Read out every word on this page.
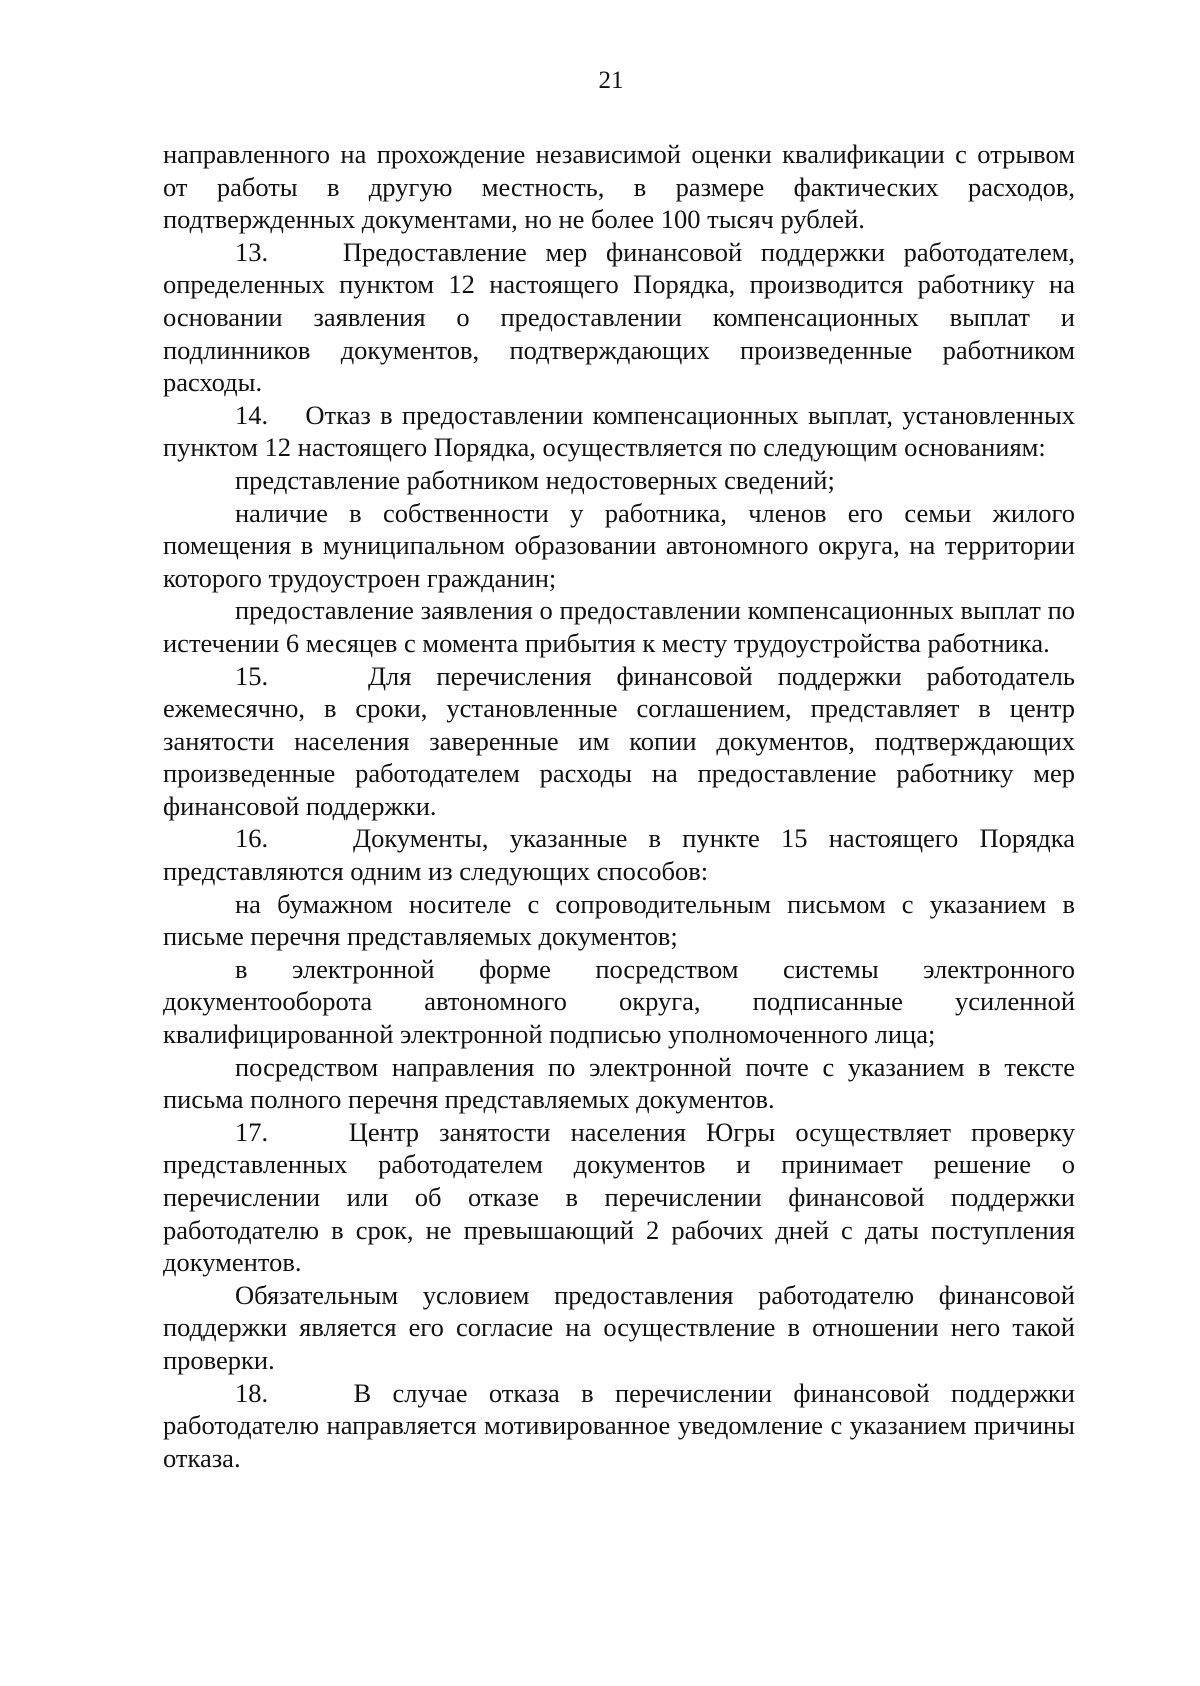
21

направленного на прохождение независимой оценки квалификации с отрывом от работы в другую местность, в размере фактических расходов, подтвержденных документами, но не более 100 тысяч рублей.

13.    Предоставление мер финансовой поддержки работодателем, определенных пунктом 12 настоящего Порядка, производится работнику на основании заявления о предоставлении компенсационных выплат и подлинников документов, подтверждающих произведенные работником расходы.

14.    Отказ в предоставлении компенсационных выплат, установленных пунктом 12 настоящего Порядка, осуществляется по следующим основаниям:

представление работником недостоверных сведений;

наличие в собственности у работника, членов его семьи жилого помещения в муниципальном образовании автономного округа, на территории которого трудоустроен гражданин;

предоставление заявления о предоставлении компенсационных выплат по истечении 6 месяцев с момента прибытия к месту трудоустройства работника.

15.    Для перечисления финансовой поддержки работодатель ежемесячно, в сроки, установленные соглашением, представляет в центр занятости населения заверенные им копии документов, подтверждающих произведенные работодателем расходы на предоставление работнику мер финансовой поддержки.

16.    Документы, указанные в пункте 15 настоящего Порядка представляются одним из следующих способов:

на бумажном носителе с сопроводительным письмом с указанием в письме перечня представляемых документов;

в электронной форме посредством системы электронного документооборота автономного округа, подписанные усиленной квалифицированной электронной подписью уполномоченного лица;

посредством направления по электронной почте с указанием в тексте письма полного перечня представляемых документов.

17.    Центр занятости населения Югры осуществляет проверку представленных работодателем документов и принимает решение о перечислении или об отказе в перечислении финансовой поддержки работодателю в срок, не превышающий 2 рабочих дней с даты поступления документов.

Обязательным условием предоставления работодателю финансовой поддержки является его согласие на осуществление в отношении него такой проверки.

18.    В случае отказа в перечислении финансовой поддержки работодателю направляется мотивированное уведомление с указанием причины отказа.
